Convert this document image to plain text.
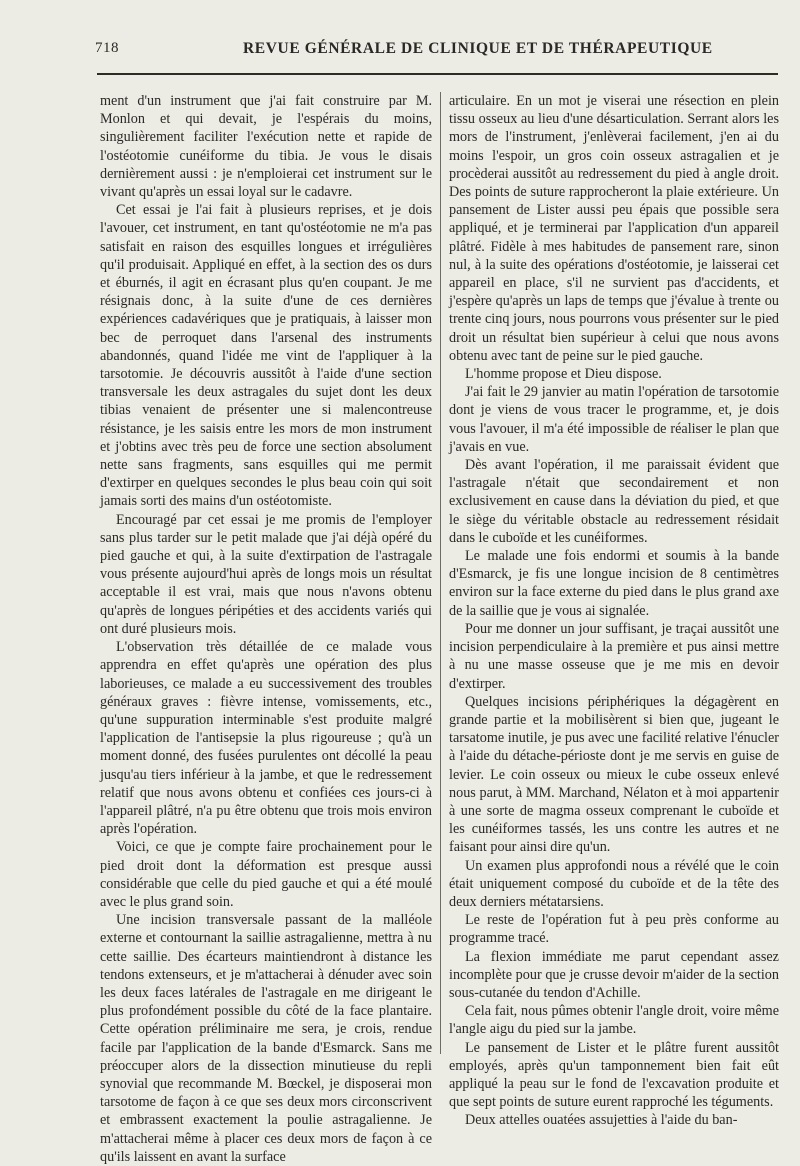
718	REVUE GÉNÉRALE DE CLINIQUE ET DE THÉRAPEUTIQUE

ment d'un instrument que j'ai fait construire par M. Monlon et qui devait, je l'espérais du moins, singulièrement faciliter l'exécution nette et rapide de l'ostéotomie cunéiforme du tibia. Je vous le disais dernièrement aussi : je n'emploierai cet instrument sur le vivant qu'après un essai loyal sur le cadavre.

Cet essai je l'ai fait à plusieurs reprises, et je dois l'avouer, cet instrument, en tant qu'ostéotomie ne m'a pas satisfait en raison des esquilles longues et irrégulières qu'il produisait. Appliqué en effet, à la section des os durs et éburnés, il agit en écrasant plus qu'en coupant. Je me résignais donc, à la suite d'une de ces dernières expériences cadavériques que je pratiquais, à laisser mon bec de perroquet dans l'arsenal des instruments abandonnés, quand l'idée me vint de l'appliquer à la tarsotomie. Je découvris aussitôt à l'aide d'une section transversale les deux astragales du sujet dont les deux tibias venaient de présenter une si malencontreuse résistance, je les saisis entre les mors de mon instrument et j'obtins avec très peu de force une section absolument nette sans fragments, sans esquilles qui me permit d'extirper en quelques secondes le plus beau coin qui soit jamais sorti des mains d'un ostéotomiste.

Encouragé par cet essai je me promis de l'employer sans plus tarder sur le petit malade que j'ai déjà opéré du pied gauche et qui, à la suite d'extirpation de l'astragale vous présente aujourd'hui après de longs mois un résultat acceptable il est vrai, mais que nous n'avons obtenu qu'après de longues péripéties et des accidents variés qui ont duré plusieurs mois.

L'observation très détaillée de ce malade vous apprendra en effet qu'après une opération des plus laborieuses, ce malade a eu successivement des troubles généraux graves : fièvre intense, vomissements, etc., qu'une suppuration interminable s'est produite malgré l'application de l'antisepsie la plus rigoureuse ; qu'à un moment donné, des fusées purulentes ont décollé la peau jusqu'au tiers inférieur à la jambe, et que le redressement relatif que nous avons obtenu et confiées ces jours-ci à l'appareil plâtré, n'a pu être obtenu que trois mois environ après l'opération.

Voici, ce que je compte faire prochainement pour le pied droit dont la déformation est presque aussi considérable que celle du pied gauche et qui a été moulé avec le plus grand soin.

Une incision transversale passant de la malléole externe et contournant la saillie astragalienne, mettra à nu cette saillie. Des écarteurs maintiendront à distance les tendons extenseurs, et je m'attacherai à dénuder avec soin les deux faces latérales de l'astragale en me dirigeant le plus profondément possible du côté de la face plantaire. Cette opération préliminaire me sera, je crois, rendue facile par l'application de la bande d'Esmarck. Sans me préoccuper alors de la dissection minutieuse du repli synovial que recommande M. Bœckel, je disposerai mon tarsotome de façon à ce que ses deux mors circonscrivent et embrassent exactement la poulie astragalienne. Je m'attacherai même à placer ces deux mors de façon à ce qu'ils laissent en avant la surface

articulaire. En un mot je viserai une résection en plein tissu osseux au lieu d'une désarticulation. Serrant alors les mors de l'instrument, j'enlèverai facilement, j'en ai du moins l'espoir, un gros coin osseux astragalien et je procèderai aussitôt au redressement du pied à angle droit. Des points de suture rapprocheront la plaie extérieure. Un pansement de Lister aussi peu épais que possible sera appliqué, et je terminerai par l'application d'un appareil plâtré. Fidèle à mes habitudes de pansement rare, sinon nul, à la suite des opérations d'ostéotomie, je laisserai cet appareil en place, s'il ne survient pas d'accidents, et j'espère qu'après un laps de temps que j'évalue à trente ou trente cinq jours, nous pourrons vous présenter sur le pied droit un résultat bien supérieur à celui que nous avons obtenu avec tant de peine sur le pied gauche.

L'homme propose et Dieu dispose.

J'ai fait le 29 janvier au matin l'opération de tarsotomie dont je viens de vous tracer le programme, et, je dois vous l'avouer, il m'a été impossible de réaliser le plan que j'avais en vue.

Dès avant l'opération, il me paraissait évident que l'astragale n'était que secondairement et non exclusivement en cause dans la déviation du pied, et que le siège du véritable obstacle au redressement résidait dans le cuboïde et les cunéiformes.

Le malade une fois endormi et soumis à la bande d'Esmarck, je fis une longue incision de 8 centimètres environ sur la face externe du pied dans le plus grand axe de la saillie que je vous ai signalée.

Pour me donner un jour suffisant, je traçai aussitôt une incision perpendiculaire à la première et pus ainsi mettre à nu une masse osseuse que je me mis en devoir d'extirper.

Quelques incisions périphériques la dégagèrent en grande partie et la mobilisèrent si bien que, jugeant le tarsatome inutile, je pus avec une facilité relative l'énucler à l'aide du détache-périoste dont je me servis en guise de levier. Le coin osseux ou mieux le cube osseux enlevé nous parut, à MM. Marchand, Nélaton et à moi appartenir à une sorte de magma osseux comprenant le cuboïde et les cunéiformes tassés, les uns contre les autres et ne faisant pour ainsi dire qu'un.

Un examen plus approfondi nous a révélé que le coin était uniquement composé du cuboïde et de la tête des deux derniers métatarsiens.

Le reste de l'opération fut à peu près conforme au programme tracé.

La flexion immédiate me parut cependant assez incomplète pour que je crusse devoir m'aider de la section sous-cutanée du tendon d'Achille.

Cela fait, nous pûmes obtenir l'angle droit, voire même l'angle aigu du pied sur la jambe.

Le pansement de Lister et le plâtre furent aussitôt employés, après qu'un tamponnement bien fait eût appliqué la peau sur le fond de l'excavation produite et que sept points de suture eurent rapproché les téguments.

Deux attelles ouatées assujetties à l'aide du ban-
